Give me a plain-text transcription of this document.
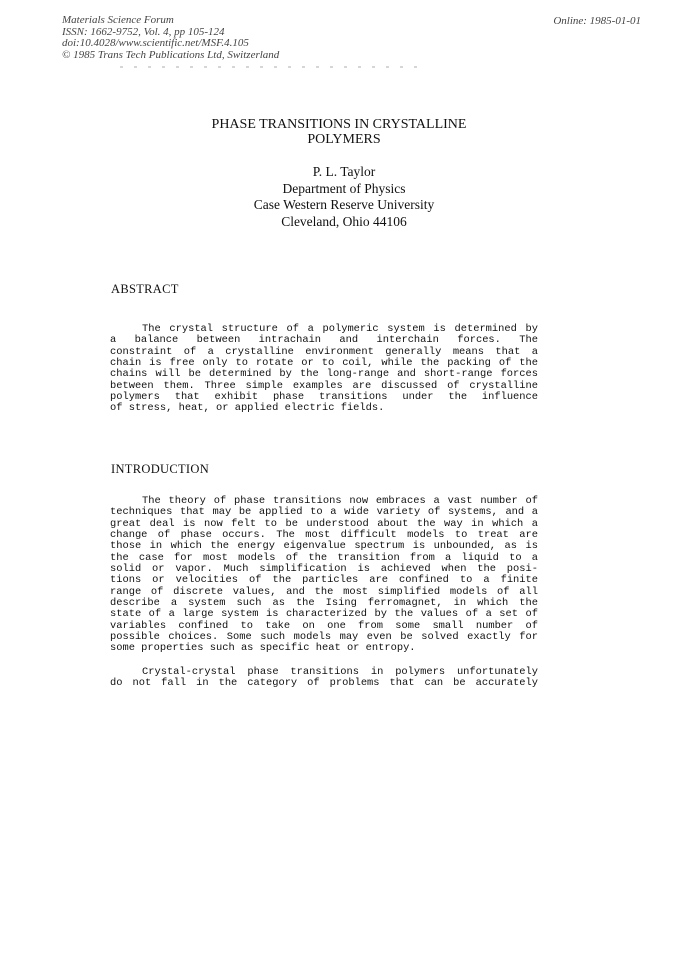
Materials Science Forum
ISSN: 1662-9752, Vol. 4, pp 105-124
doi:10.4028/www.scientific.net/MSF.4.105
© 1985 Trans Tech Publications Ltd, Switzerland
Online: 1985-01-01
PHASE TRANSITIONS IN CRYSTALLINE
POLYMERS
P. L. Taylor
Department of Physics
Case Western Reserve University
Cleveland, Ohio 44106
ABSTRACT

The crystal structure of a polymeric system is determined by
a balance between intrachain and interchain forces. The
constraint of a crystalline environment generally means that a
chain is free only to rotate or to coil, while the packing of the
chains will be determined by the long-range and short-range forces
between them. Three simple examples are discussed of crystalline
polymers that exhibit phase transitions under the influence
of stress, heat, or applied electric fields.

INTRODUCTION

The theory of phase transitions now embraces a vast number of
techniques that may be applied to a wide variety of systems, and a
great deal is now felt to be understood about the way in which a
change of phase occurs. The most difficult models to treat are
those in which the energy eigenvalue spectrum is unbounded, as is
the case for most models of the transition from a liquid to a
solid or vapor. Much simplification is achieved when the posi-
tions or velocities of the particles are confined to a finite
range of discrete values, and the most simplified models of all
describe a system such as the Ising ferromagnet, in which the
state of a large system is characterized by the values of a set of
variables confined to take on one from some small number of
possible choices. Some such models may even be solved exactly for
some properties such as specific heat or entropy.

Crystal-crystal phase transitions in polymers unfortunately
do not fall in the category of problems that can be accurately
